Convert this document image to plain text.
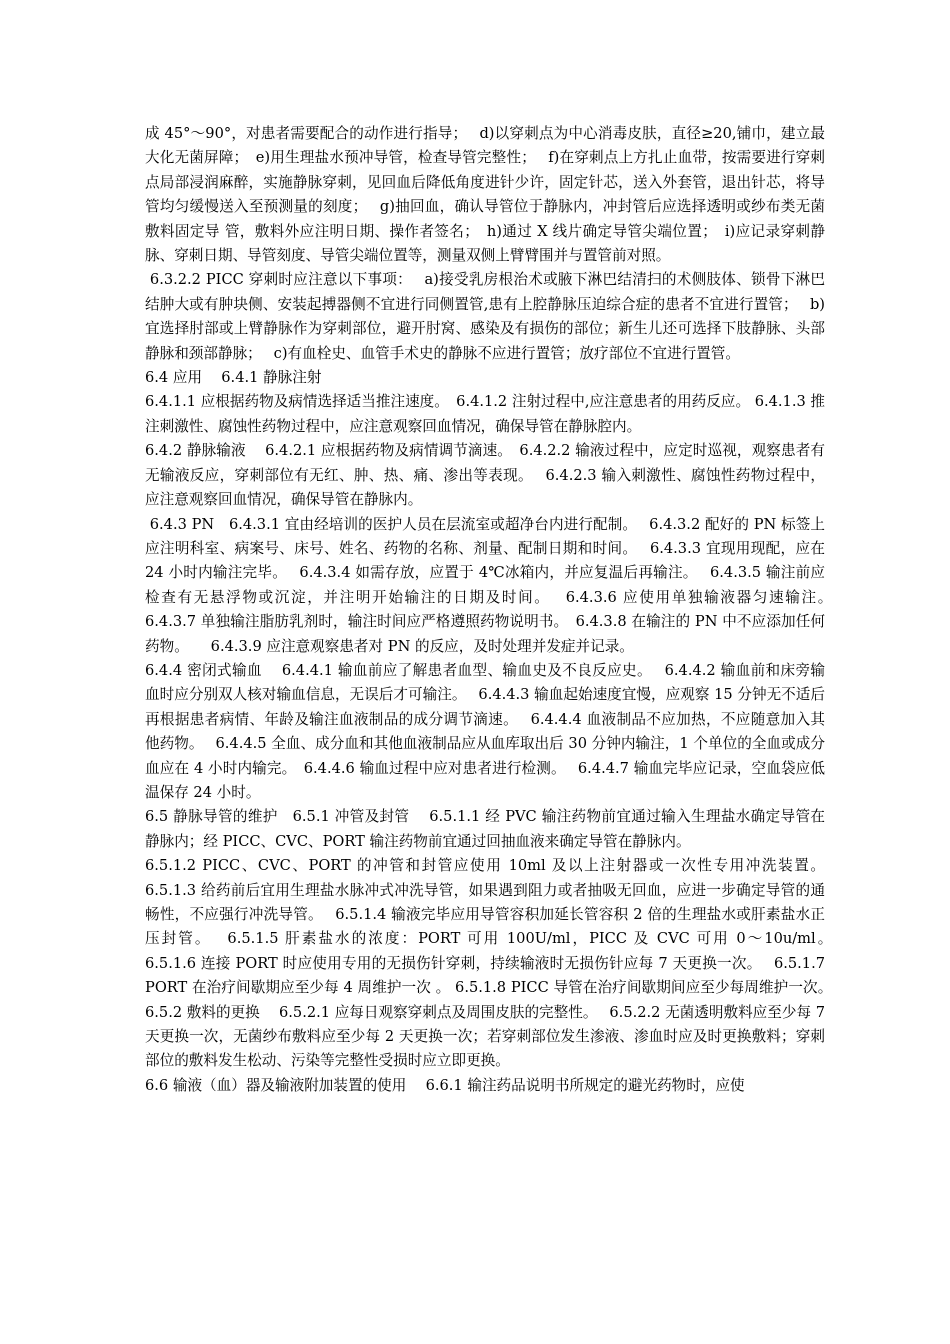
成 45°～90°，对患者需要配合的动作进行指导；　 d)以穿刺点为中心消毒皮肤，直径≥20,铺巾，建立最大化无菌屏障；　e)用生理盐水预冲导管，检查导管完整性；　 f)在穿刺点上方扎止血带，按需要进行穿刺点局部浸润麻醉，实施静脉穿刺，见回血后降低角度进针少许，固定针芯，送入外套管，退出针芯，将导管均匀缓慢送入至预测量的刻度；　 g)抽回血，确认导管位于静脉内，冲封管后应选择透明或纱布类无菌敷料固定导 管，敷料外应注明日期、操作者签名；　h)通过 X 线片确定导管尖端位置；　i)应记录穿刺静脉、穿刺日期、导管刻度、导管尖端位置等，测量双侧上臂臂围并与置管前对照。

6.3.2.2 PICC 穿刺时应注意以下事项：　 a)接受乳房根治术或腋下淋巴结清扫的术侧肢体、锁骨下淋巴结肿大或有肿块侧、安装起搏器侧不宜进行同侧置管,患有上腔静脉压迫综合症的患者不宜进行置管；　 b)宜选择肘部或上臂静脉作为穿刺部位，避开肘窝、感染及有损伤的部位；新生儿还可选择下肢静脉、头部静脉和颈部静脉；　 c)有血栓史、血管手术史的静脉不应进行置管；放疗部位不宜进行置管。

6.4 应用　 6.4.1 静脉注射

6.4.1.1 应根据药物及病情选择适当推注速度。　6.4.1.2 注射过程中,应注意患者的用药反应。 6.4.1.3 推注刺激性、腐蚀性药物过程中，应注意观察回血情况，确保导管在静脉腔内。

6.4.2 静脉输液　 6.4.2.1 应根据药物及病情调节滴速。　6.4.2.2 输液过程中，应定时巡视，观察患者有无输液反应，穿刺部位有无红、肿、热、痛、渗出等表现。　 6.4.2.3 输入刺激性、腐蚀性药物过程中，应注意观察回血情况，确保导管在静脉内。

6.4.3 PN　6.4.3.1 宜由经培训的医护人员在层流室或超净台内进行配制。　 6.4.3.2 配好的 PN 标签上应注明科室、病案号、床号、姓名、药物的名称、剂量、配制日期和时间。　 6.4.3.3 宜现用现配，应在 24 小时内输注完毕。　 6.4.3.4 如需存放，应置于 4℃冰箱内，并应复温后再输注。　 6.4.3.5 输注前应检查有无悬浮物或沉淀，并注明开始输注的日期及时间。　 6.4.3.6 应使用单独输液器匀速输注。　 6.4.3.7 单独输注脂肪乳剂时，输注时间应严格遵照药物说明书。　6.4.3.8 在输注的 PN 中不应添加任何药物。　　6.4.3.9 应注意观察患者对 PN 的反应，及时处理并发症并记录。

6.4.4 密闭式输血　 6.4.4.1 输血前应了解患者血型、输血史及不良反应史。　 6.4.4.2 输血前和床旁输血时应分别双人核对输血信息，无误后才可输注。　 6.4.4.3 输血起始速度宜慢，应观察 15 分钟无不适后再根据患者病情、年龄及输注血液制品的成分调节滴速。　 6.4.4.4 血液制品不应加热，不应随意加入其他药物。　 6.4.4.5 全血、成分血和其他血液制品应从血库取出后 30 分钟内输注，1 个单位的全血或成分血应在 4 小时内输完。　6.4.4.6 输血过程中应对患者进行检测。　 6.4.4.7 输血完毕应记录，空血袋应低温保存 24 小时。

6.5 静脉导管的维护　6.5.1 冲管及封管　 6.5.1.1 经 PVC 输注药物前宜通过输入生理盐水确定导管在静脉内；经 PICC、CVC、PORT 输注药物前宜通过回抽血液来确定导管在静脉内。

6.5.1.2 PICC、CVC、PORT 的冲管和封管应使用 10ml 及以上注射器或一次性专用冲洗装置。 6.5.1.3 给药前后宜用生理盐水脉冲式冲洗导管，如果遇到阻力或者抽吸无回血，应进一步确定导管的通畅性，不应强行冲洗导管。　 6.5.1.4 输液完毕应用导管容积加延长管容积 2 倍的生理盐水或肝素盐水正压封管。　 6.5.1.5 肝素盐水的浓度：PORT 可用 100U/ml，PICC 及 CVC 可用 0～10u/ml。　 6.5.1.6 连接 PORT 时应使用专用的无损伤针穿刺，持续输液时无损伤针应每 7 天更换一次。　 6.5.1.7 PORT 在治疗间歇期应至少每 4 周维护一次 。 6.5.1.8 PICC 导管在治疗间歇期间应至少每周维护一次。　6.5.2 敷料的更换　 6.5.2.1 应每日观察穿刺点及周围皮肤的完整性。　 6.5.2.2 无菌透明敷料应至少每 7 天更换一次，无菌纱布敷料应至少每 2 天更换一次；若穿刺部位发生渗液、渗血时应及时更换敷料；穿刺部位的敷料发生松动、污染等完整性受损时应立即更换。

6.6 输液（血）器及输液附加装置的使用　 6.6.1 输注药品说明书所规定的避光药物时，应使
